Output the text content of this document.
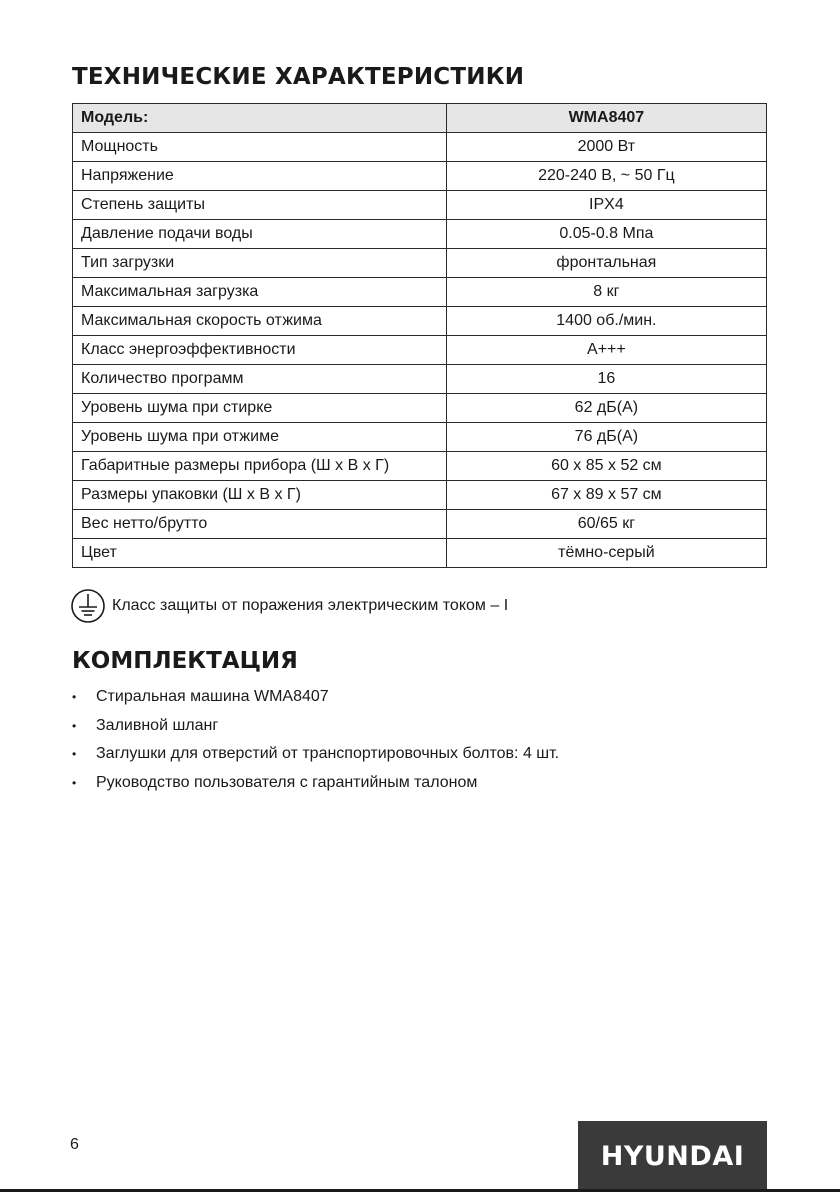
ТЕХНИЧЕСКИЕ ХАРАКТЕРИСТИКИ
Модель:	WMA8407
Мощность	2000 Вт
Напряжение	220-240 В, ~ 50 Гц
Степень защиты	IPX4
Давление подачи воды	0.05-0.8 Мпа
Тип загрузки	фронтальная
Максимальная загрузка	8 кг
Максимальная скорость отжима	1400 об./мин.
Класс энергоэффективности	A+++
Количество программ	16
Уровень шума при стирке	62 дБ(А)
Уровень шума при отжиме	76 дБ(А)
Габаритные размеры прибора (Ш х В х Г)	60 х 85 х 52 см
Размеры упаковки (Ш х В х Г)	67 х 89 х 57 см
Вес нетто/брутто	60/65 кг
Цвет	тёмно-серый
Класс защиты от поражения электрическим током – I
КОМПЛЕКТАЦИЯ
•	Стиральная машина WMA8407
•	Заливной шланг
•	Заглушки для отверстий от транспортировочных болтов: 4 шт.
•	Руководство пользователя с гарантийным талоном
6	HYUNDAI
